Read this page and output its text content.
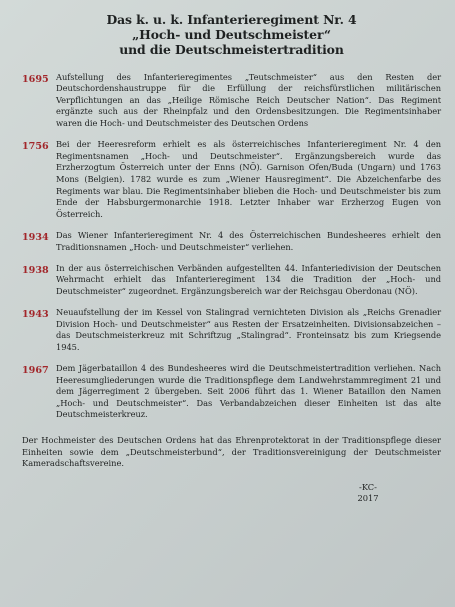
Das k. u. k. Infanterieregiment Nr. 4
„Hoch- und Deutschmeister“
und die Deutschmeistertradition
1695 Aufstellung des Infanterieregimentes „Teutschmeister“ aus den Resten der Deutschordenshaustruppe für die Erfüllung der reichsfürstlichen militärischen Verpflichtungen an das „Heilige Römische Reich Deutscher Nation“. Das Regiment ergänzte such aus der Rheinpfalz und den Ordensbesitzungen. Die Regimentsinhaber waren die Hoch- und Deutschmeister des Deutschen Ordens
1756 Bei der Heeresreform erhielt es als österreichisches Infanterieregiment Nr. 4 den Regimentsnamen „Hoch- und Deutschmeister“. Ergänzungsbereich wurde das Erzherzogtum Österreich unter der Enns (NÖ). Garnison Ofen/Buda (Ungarn) und 1763 Mons (Belgien). 1782 wurde es zum „Wiener Hausregiment“. Die Abzeichenfarbe des Regiments war blau. Die Regimentsinhaber blieben die Hoch- und Deutschmeister bis zum Ende der Habsburgermonarchie 1918. Letzter Inhaber war Erzherzog Eugen von Österreich.
1934 Das Wiener Infanterieregiment Nr. 4 des Österreichischen Bundesheeres erhielt den Traditionsnamen „Hoch- und Deutschmeister“ verliehen.
1938 In der aus österreichischen Verbänden aufgestellten 44. Infanteriedivision der Deutschen Wehrmacht erhielt das Infanterieregiment 134 die Tradition der „Hoch- und Deutschmeister“ zugeordnet. Ergänzungsbereich war der Reichsgau Oberdonau (NÖ).
1943 Neuaufstellung der im Kessel von Stalingrad vernichteten Division als „Reichs Grenadier Division Hoch- und Deutschmeister“ aus Resten der Ersatzeinheiten. Divisionsabzeichen – das Deutschmeisterkreuz mit Schriftzug „Stalingrad“. Fronteinsatz bis zum Kriegsende 1945.
1967 Dem Jägerbataillon 4 des Bundesheeres wird die Deutschmeistertradition verliehen. Nach Heeresumgliederungen wurde die Traditionspflege dem Landwehrstammregiment 21 und dem Jägerregiment 2 übergeben. Seit 2006 führt das 1. Wiener Bataillon den Namen „Hoch- und Deutschmeister“. Das Verbandabzeichen dieser Einheiten ist das alte Deutschmeisterkreuz.
Der Hochmeister des Deutschen Ordens hat das Ehrenprotektorat in der Traditionspflege dieser Einheiten sowie dem „Deutschmeisterbund“, der Traditionsvereinigung der Deutschmeister Kameradschaftsvereine.
-KC-
2017
